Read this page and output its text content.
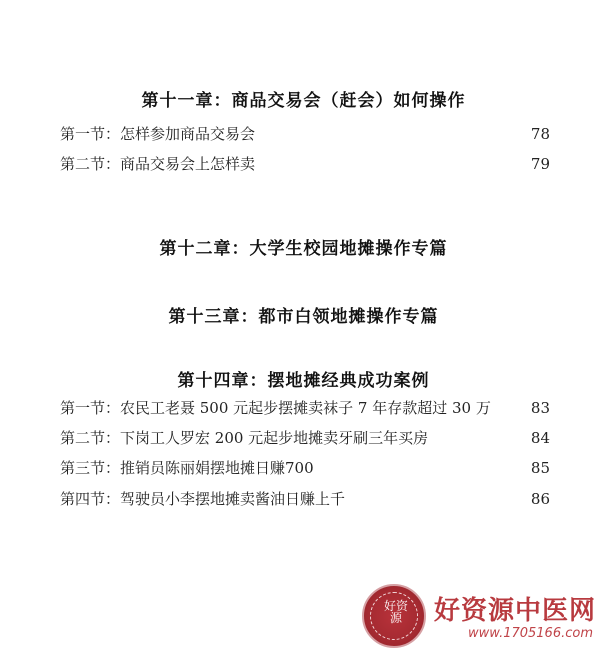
第十一章：商品交易会（赶会）如何操作
第一节：怎样参加商品交易会	78
第二节：商品交易会上怎样卖	79
第十二章：大学生校园地摊操作专篇
第十三章：都市白领地摊操作专篇
第十四章：摆地摊经典成功案例
第一节：农民工老聂 500 元起步摆摊卖袜子 7 年存款超过 30 万	83
第二节：下岗工人罗宏 200 元起步地摊卖牙刷三年买房	84
第三节：推销员陈丽娟摆地摊日赚700	85
第四节：驾驶员小李摆地摊卖酱油日赚上千	86
好资源	好资源中医网
www.1705166.com
